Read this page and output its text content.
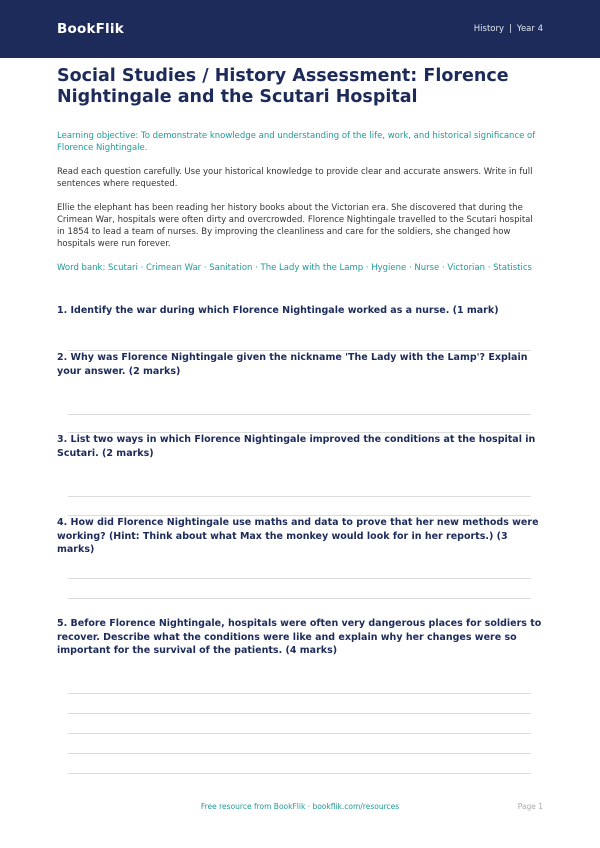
BookFlik	History | Year 4
Social Studies / History Assessment: Florence Nightingale and the Scutari Hospital
Learning objective: To demonstrate knowledge and understanding of the life, work, and historical significance of Florence Nightingale.
Read each question carefully. Use your historical knowledge to provide clear and accurate answers. Write in full sentences where requested.
Ellie the elephant has been reading her history books about the Victorian era. She discovered that during the Crimean War, hospitals were often dirty and overcrowded. Florence Nightingale travelled to the Scutari hospital in 1854 to lead a team of nurses. By improving the cleanliness and care for the soldiers, she changed how hospitals were run forever.
Word bank: Scutari · Crimean War · Sanitation · The Lady with the Lamp · Hygiene · Nurse · Victorian · Statistics
1. Identify the war during which Florence Nightingale worked as a nurse. (1 mark)
2. Why was Florence Nightingale given the nickname 'The Lady with the Lamp'? Explain your answer. (2 marks)
3. List two ways in which Florence Nightingale improved the conditions at the hospital in Scutari. (2 marks)
4. How did Florence Nightingale use maths and data to prove that her new methods were working? (Hint: Think about what Max the monkey would look for in her reports.) (3 marks)
5. Before Florence Nightingale, hospitals were often very dangerous places for soldiers to recover. Describe what the conditions were like and explain why her changes were so important for the survival of the patients. (4 marks)
Free resource from BookFlik · bookflik.com/resources	Page 1
